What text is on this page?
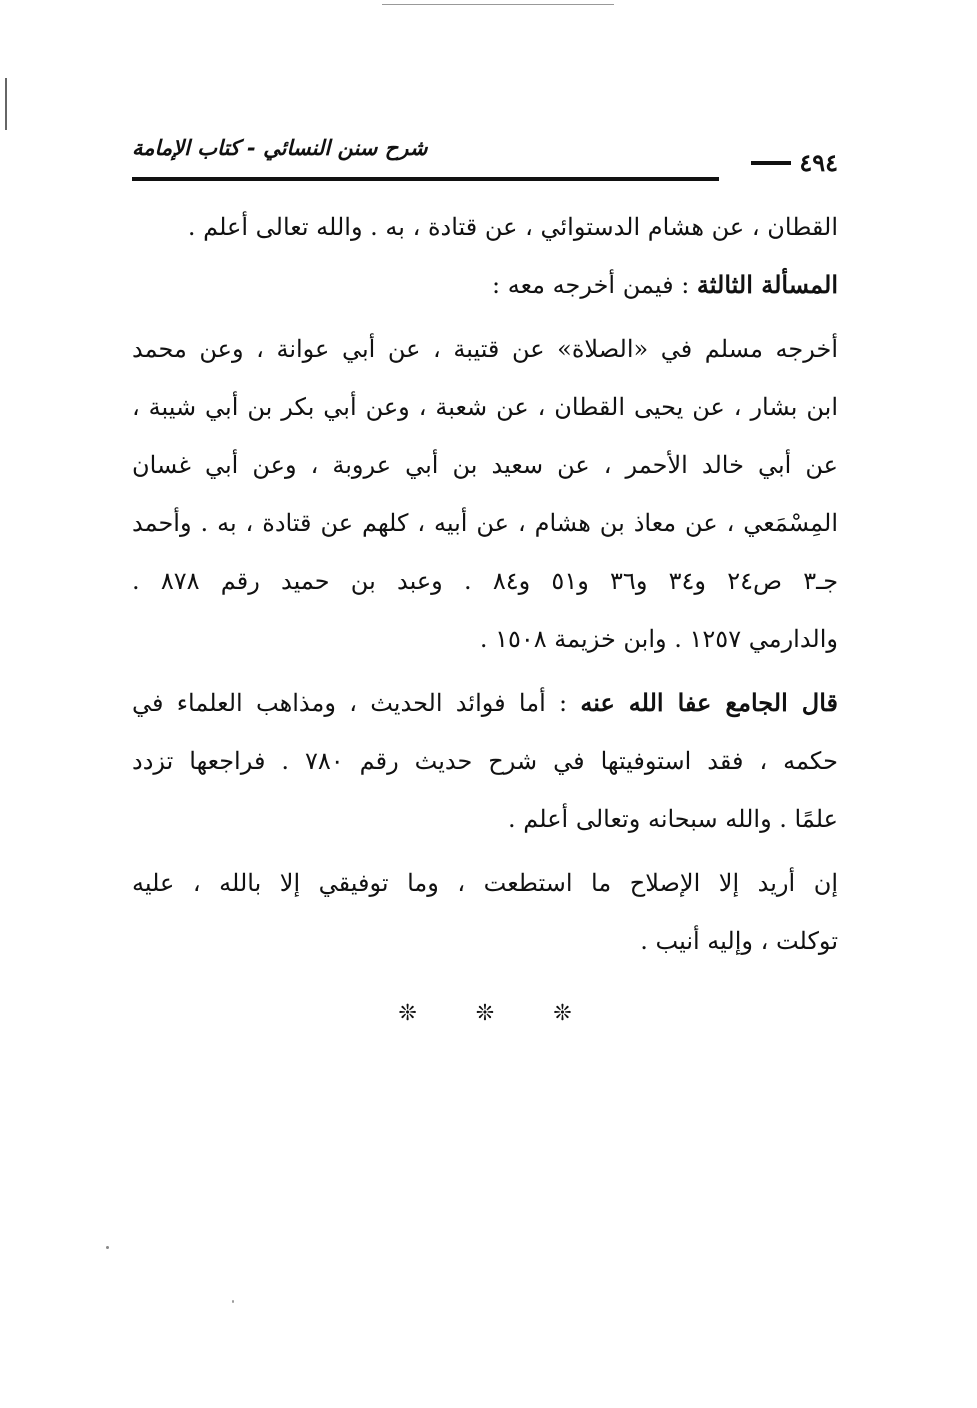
٤٩٤
شرح سنن النسائي - كتاب الإمامة
القطان ، عن هشام الدستوائي ، عن قتادة ، به . والله تعالى أعلم .
المسألة الثالثة : فيمن أخرجه معه :
أخرجه مسلم في «الصلاة» عن قتيبة ، عن أبي عوانة ، وعن محمد
ابن بشار ، عن يحيى القطان ، عن شعبة ، وعن أبي بكر بن أبي شيبة ،
عن أبي خالد الأحمر ، عن سعيد بن أبي عروبة ، وعن أبي غسان
المِسْمَعي ، عن معاذ بن هشام ، عن أبيه ، كلهم عن قتادة ، به . وأحمد
جـ٣ ص٢٤ و٣٤ و٣٦ و٥١ و٨٤ . وعبد بن حميد رقم ٨٧٨ .
والدارمي ١٢٥٧ . وابن خزيمة ١٥٠٨ .
قال الجامع عفا الله عنه : أما فوائد الحديث ، ومذاهب العلماء في
حكمه ، فقد استوفيتها في شرح حديث رقم ٧٨٠ . فراجعها تزدد
علمًا . والله سبحانه وتعالى أعلم .
إن أريد إلا الإصلاح ما استطعت ، وما توفيقي إلا بالله ، عليه
توكلت ، وإليه أنيب .
❊ ❊ ❊
